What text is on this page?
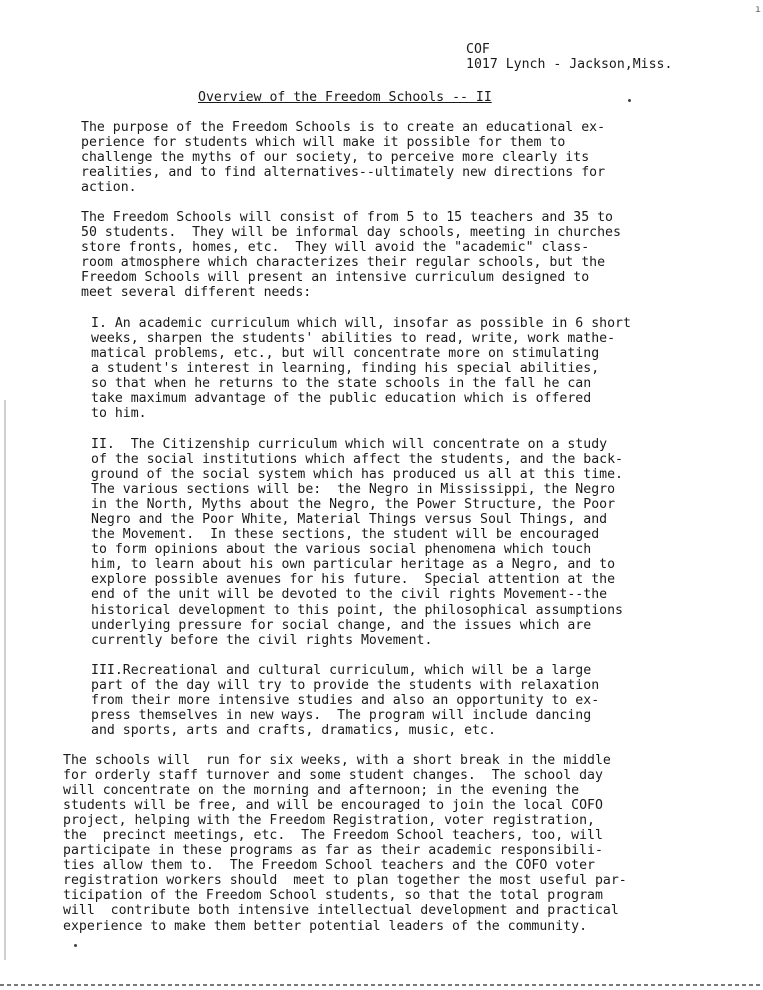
ı
COF
1017 Lynch - Jackson,Miss.
Overview of the Freedom Schools -- II
The purpose of the Freedom Schools is to create an educational ex-
perience for students which will make it possible for them to
challenge the myths of our society, to perceive more clearly its
realities, and to find alternatives--ultimately new directions for
action.
The Freedom Schools will consist of from 5 to 15 teachers and 35 to
50 students.  They will be informal day schools, meeting in churches
store fronts, homes, etc.  They will avoid the "academic" class-
room atmosphere which characterizes their regular schools, but the
Freedom Schools will present an intensive curriculum designed to
meet several different needs:
I. An academic curriculum which will, insofar as possible in 6 short
weeks, sharpen the students' abilities to read, write, work mathe-
matical problems, etc., but will concentrate more on stimulating
a student's interest in learning, finding his special abilities,
so that when he returns to the state schools in the fall he can
take maximum advantage of the public education which is offered
to him.
II.  The Citizenship curriculum which will concentrate on a study
of the social institutions which affect the students, and the back-
ground of the social system which has produced us all at this time.
The various sections will be:  the Negro in Mississippi, the Negro
in the North, Myths about the Negro, the Power Structure, the Poor
Negro and the Poor White, Material Things versus Soul Things, and
the Movement.  In these sections, the student will be encouraged
to form opinions about the various social phenomena which touch
him, to learn about his own particular heritage as a Negro, and to
explore possible avenues for his future.  Special attention at the
end of the unit will be devoted to the civil rights Movement--the
historical development to this point, the philosophical assumptions
underlying pressure for social change, and the issues which are
currently before the civil rights Movement.
III.Recreational and cultural curriculum, which will be a large
part of the day will try to provide the students with relaxation
from their more intensive studies and also an opportunity to ex-
press themselves in new ways.  The program will include dancing
and sports, arts and crafts, dramatics, music, etc.
The schools will  run for six weeks, with a short break in the middle
for orderly staff turnover and some student changes.  The school day
will concentrate on the morning and afternoon; in the evening the
students will be free, and will be encouraged to join the local COFO
project, helping with the Freedom Registration, voter registration,
the  precinct meetings, etc.  The Freedom School teachers, too, will
participate in these programs as far as their academic responsibili-
ties allow them to.  The Freedom School teachers and the COFO voter
registration workers should  meet to plan together the most useful par-
ticipation of the Freedom School students, so that the total program
will  contribute both intensive intellectual development and practical
experience to make them better potential leaders of the community.
